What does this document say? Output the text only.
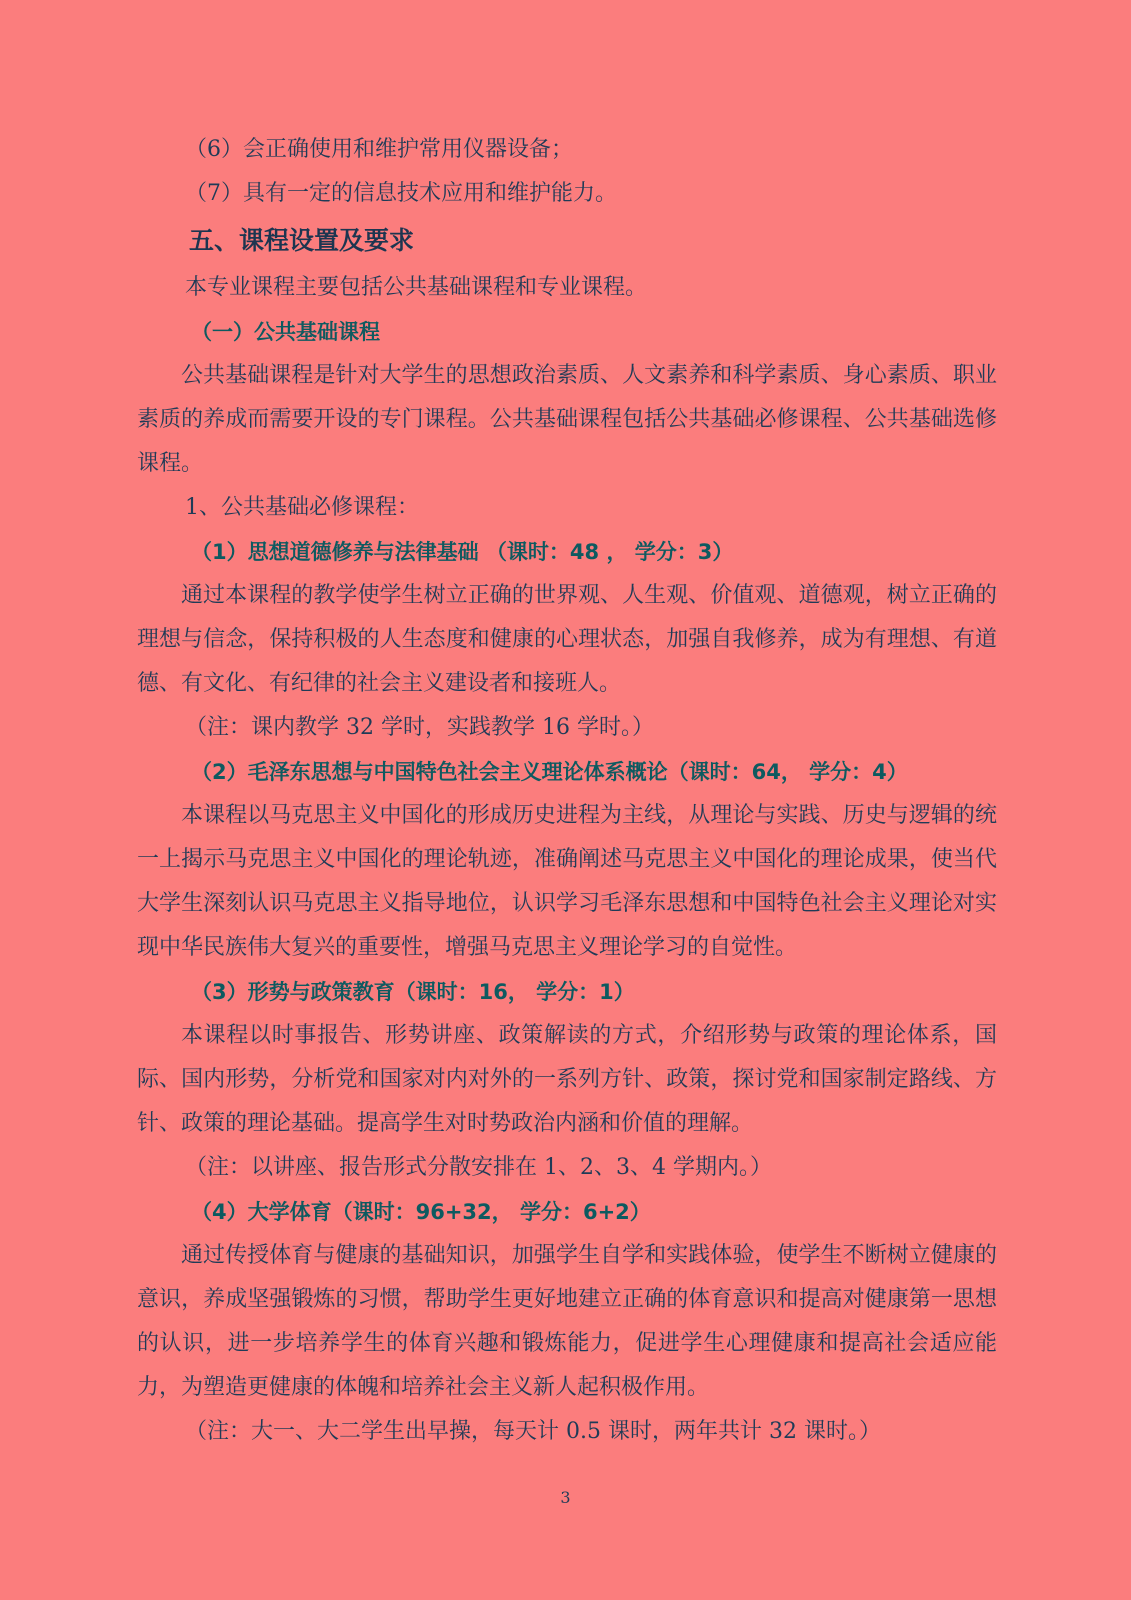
（6）会正确使用和维护常用仪器设备；

（7）具有一定的信息技术应用和维护能力。

五、课程设置及要求

本专业课程主要包括公共基础课程和专业课程。

（一）公共基础课程

公共基础课程是针对大学生的思想政治素质、人文素养和科学素质、身心素质、职业素质的养成而需要开设的专门课程。公共基础课程包括公共基础必修课程、公共基础选修课程。

1、公共基础必修课程：

（1）思想道德修养与法律基础 （课时：48 ， 学分：3）

通过本课程的教学使学生树立正确的世界观、人生观、价值观、道德观，树立正确的理想与信念，保持积极的人生态度和健康的心理状态，加强自我修养，成为有理想、有道德、有文化、有纪律的社会主义建设者和接班人。

（注：课内教学 32 学时，实践教学 16 学时。）

（2）毛泽东思想与中国特色社会主义理论体系概论（课时：64， 学分：4）

本课程以马克思主义中国化的形成历史进程为主线，从理论与实践、历史与逻辑的统一上揭示马克思主义中国化的理论轨迹，准确阐述马克思主义中国化的理论成果，使当代大学生深刻认识马克思主义指导地位，认识学习毛泽东思想和中国特色社会主义理论对实现中华民族伟大复兴的重要性，增强马克思主义理论学习的自觉性。

（3）形势与政策教育（课时：16， 学分：1）

本课程以时事报告、形势讲座、政策解读的方式，介绍形势与政策的理论体系，国际、国内形势，分析党和国家对内对外的一系列方针、政策，探讨党和国家制定路线、方针、政策的理论基础。提高学生对时势政治内涵和价值的理解。

（注：以讲座、报告形式分散安排在 1、2、3、4 学期内。）

（4）大学体育（课时：96+32， 学分：6+2）

通过传授体育与健康的基础知识，加强学生自学和实践体验，使学生不断树立健康的意识，养成坚强锻炼的习惯，帮助学生更好地建立正确的体育意识和提高对健康第一思想的认识，进一步培养学生的体育兴趣和锻炼能力，促进学生心理健康和提高社会适应能力，为塑造更健康的体魄和培养社会主义新人起积极作用。

（注：大一、大二学生出早操，每天计 0.5 课时，两年共计 32 课时。）

3
